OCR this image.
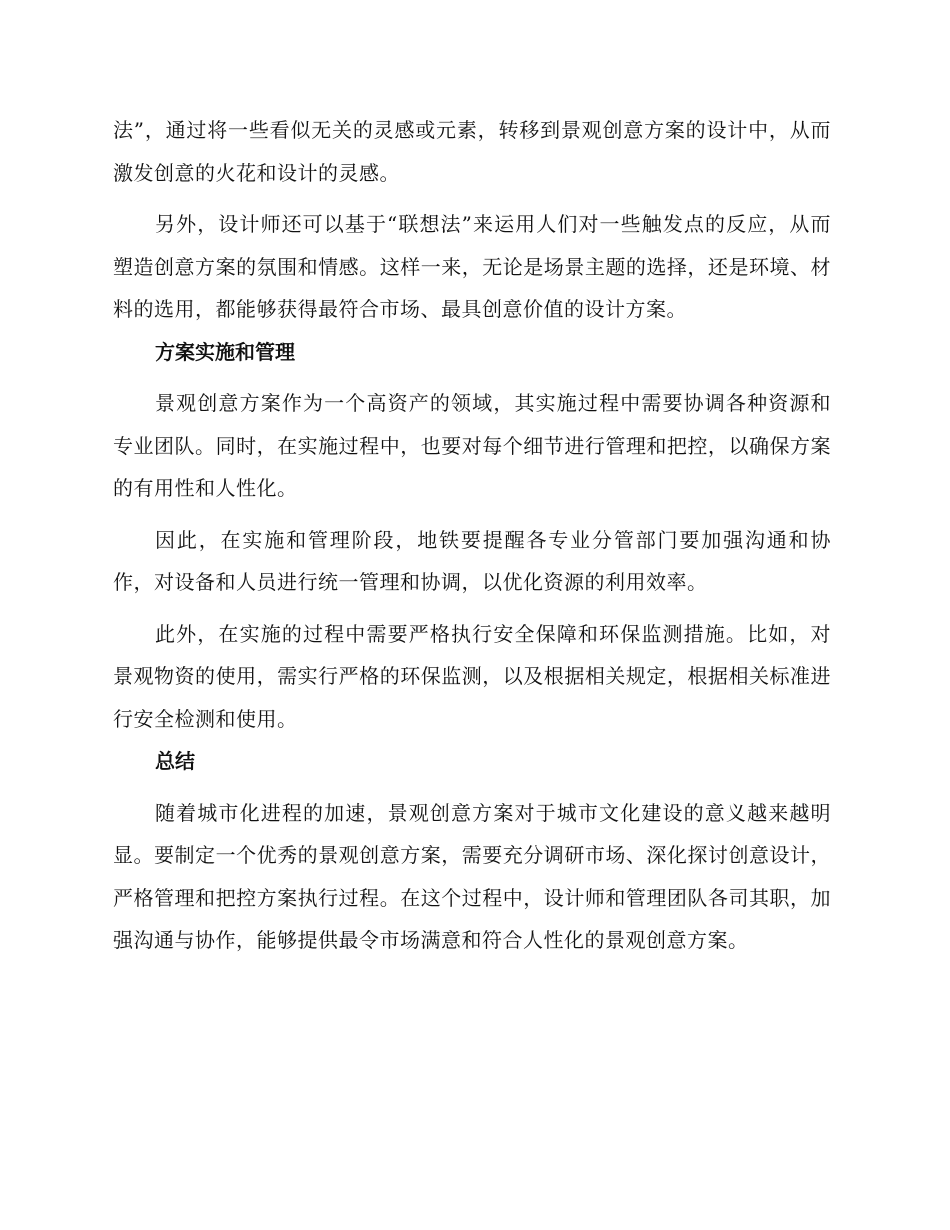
法”，通过将一些看似无关的灵感或元素，转移到景观创意方案的设计中，从而激发创意的火花和设计的灵感。

另外，设计师还可以基于“联想法”来运用人们对一些触发点的反应，从而塑造创意方案的氛围和情感。这样一来，无论是场景主题的选择，还是环境、材料的选用，都能够获得最符合市场、最具创意价值的设计方案。

方案实施和管理

景观创意方案作为一个高资产的领域，其实施过程中需要协调各种资源和专业团队。同时，在实施过程中，也要对每个细节进行管理和把控，以确保方案的有用性和人性化。

因此，在实施和管理阶段，地铁要提醒各专业分管部门要加强沟通和协作，对设备和人员进行统一管理和协调，以优化资源的利用效率。

此外，在实施的过程中需要严格执行安全保障和环保监测措施。比如，对景观物资的使用，需实行严格的环保监测，以及根据相关规定，根据相关标准进行安全检测和使用。

总结

随着城市化进程的加速，景观创意方案对于城市文化建设的意义越来越明显。要制定一个优秀的景观创意方案，需要充分调研市场、深化探讨创意设计，严格管理和把控方案执行过程。在这个过程中，设计师和管理团队各司其职，加强沟通与协作，能够提供最令市场满意和符合人性化的景观创意方案。
